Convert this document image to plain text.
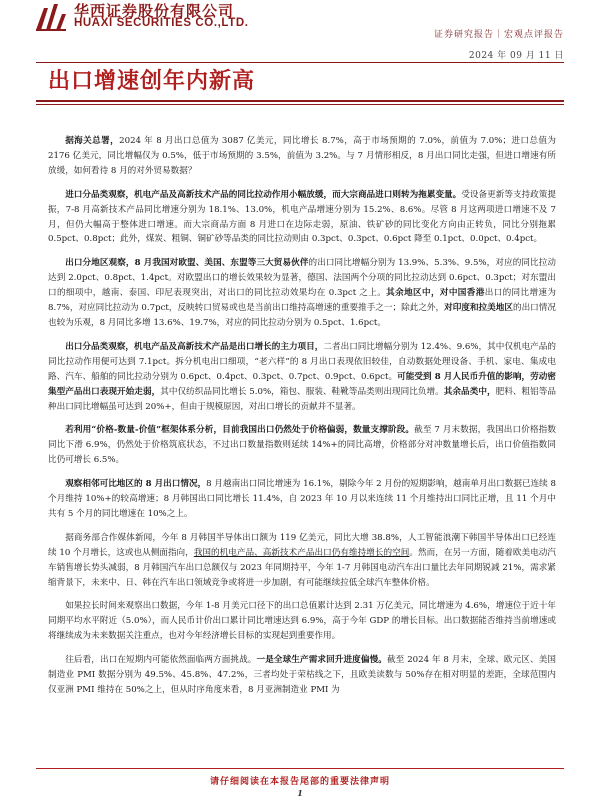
华西证券股份有限公司
HUAXI SECURITIES CO.,LTD.
证券研究报告｜宏观点评报告
2024 年 09 月 11 日
出口增速创年内新高

据海关总署，2024 年 8 月出口总值为 3087 亿美元，同比增长 8.7%，高于市场预期的 7.0%，前值为 7.0%；进口总值为 2176 亿美元，同比增幅仅为 0.5%，低于市场预期的 3.5%，前值为 3.2%。与 7 月情形相反，8 月出口同比走强，但进口增速有所放缓，如何看待 8 月的对外贸易数据？

进口分品类观察，机电产品及高新技术产品的同比拉动作用小幅放缓，而大宗商品进口则转为拖累变量。受设备更新等支持政策提振，7-8 月高新技术产品同比增速分别为 18.1%、13.0%，机电产品增速分别为 15.2%、8.6%。尽管 8 月这两项进口增速不及 7 月，但仍大幅高于整体进口增速。而大宗商品方面 8 月进口在边际走弱，原油、铁矿砂的同比变化方向由正转负，同比分别拖累 0.5pct、0.8pct；此外，煤炭、粗铜、铜矿砂等品类的同比拉动则由 0.3pct、0.3pct、0.6pct 降至 0.1pct、0.0pct、0.4pct。

出口分地区观察，8 月我国对欧盟、美国、东盟等三大贸易伙伴的出口同比增幅分别为 13.9%、5.3%、9.5%，对应的同比拉动达到 2.0pct、0.8pct、1.4pct。对欧盟出口的增长效果较为显著，德国、法国两个分项的同比拉动达到 0.6pct、0.3pct；对东盟出口的细项中，越南、泰国、印尼表现突出，对出口的同比拉动效果均在 0.3pct 之上。其余地区中，对中国香港出口的同比增速为 8.7%，对应同比拉动为 0.7pct，反映转口贸易或也是当前出口维持高增速的重要推手之一；除此之外，对印度和拉美地区的出口情况也较为乐观，8 月同比多增 13.6%、19.7%，对应的同比拉动分别为 0.5pct、1.6pct。

出口分品类观察，机电产品及高新技术产品是出口增长的主力项目，二者出口同比增幅分别为 12.4%、9.6%，其中仅机电产品的同比拉动作用便可达到 7.1pct。拆分机电出口细项，“老六样”的 8 月出口表现依旧较佳，自动数据处理设备、手机、家电、集成电路、汽车、船舶的同比拉动分别为 0.6pct、0.4pct、0.3pct、0.7pct、0.9pct、0.6pct。可能受到 8 月人民币升值的影响，劳动密集型产品出口表现开始走弱，其中仅纺织品同比增长 5.0%，箱包、服装、鞋靴等品类则出现同比负增。其余品类中，肥料、粗铝等品种出口同比增幅虽可达到 20%+，但由于规模原因，对出口增长的贡献并不显著。

若利用“价格-数量-价值”框架体系分析，目前我国出口仍然处于价格偏弱，数量支撑阶段。截至 7 月末数据，我国出口价格指数同比下滑 6.9%，仍然处于价格筑底状态，不过出口数量指数则延续 14%+的同比高增，价格部分对冲数量增长后，出口价值指数同比仍可增长 6.5%。

观察相邻可比地区的 8 月出口情况，8 月越南出口同比增速为 16.1%，剔除今年 2 月份的短期影响，越南单月出口数据已连续 8 个月维持 10%+的较高增速；8 月韩国出口同比增长 11.4%，自 2023 年 10 月以来连续 11 个月维持出口同比正增，且 11 个月中共有 5 个月的同比增速在 10%之上。

据商务部合作媒体新闻，今年 8 月韩国半导体出口额为 119 亿美元，同比大增 38.8%，人工智能浪潮下韩国半导体出口已经连续 10 个月增长，这或也从侧面指向，我国的机电产品、高新技术产品出口仍有维持增长的空间。然而，在另一方面，随着欧美电动汽车销售增长势头减弱，8 月韩国汽车出口总额仅与 2023 年同期持平，今年 1-7 月韩国电动汽车出口量比去年同期锐减 21%，需求紧缩背景下，未来中、日、韩在汽车出口领域竞争或将进一步加剧，有可能继续拉低全球汽车整体价格。

如果拉长时间来观察出口数据，今年 1-8 月美元口径下的出口总值累计达到 2.31 万亿美元，同比增速为 4.6%，增速位于近十年同期平均水平附近（5.0%），而人民币计价出口累计同比增速达到 6.9%，高于今年 GDP 的增长目标。出口数据能否维持当前增速或将继续成为未来数据关注重点，也对今年经济增长目标的实现起到重要作用。

往后看，出口在短期内可能依然面临两方面挑战。一是全球生产需求回升进度偏慢。截至 2024 年 8 月末，全球、欧元区、美国制造业 PMI 数据分别为 49.5%、45.8%、47.2%，三者均处于荣枯线之下，且欧美读数与 50%存在相对明显的差距，全球范围内仅亚洲 PMI 维持在 50%之上，但从时序角度来看，8 月亚洲制造业 PMI 为

请仔细阅读在本报告尾部的重要法律声明
1
